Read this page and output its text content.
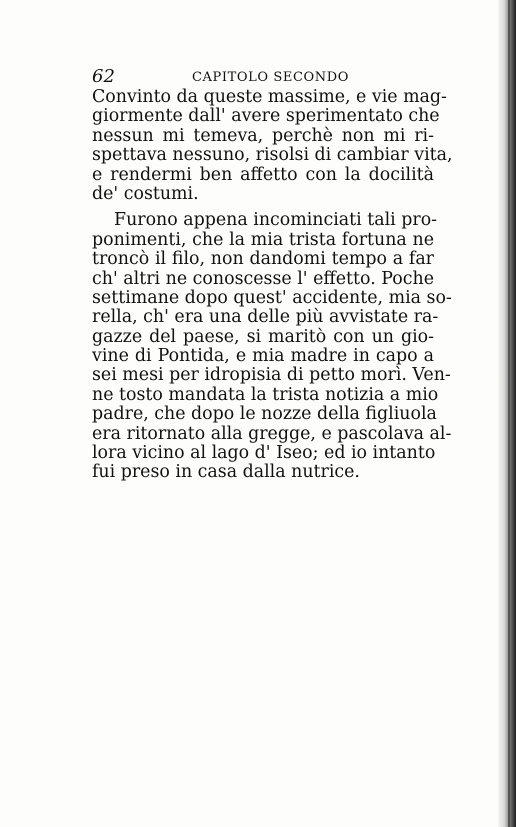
62	CAPITOLO SECONDO

Convinto da queste massime, e vie mag-
giormente dall' avere sperimentato che
nessun mi temeva, perchè non mi ri-
spettava nessuno, risolsi di cambiar vita,
e rendermi ben affetto con la docilità
de' costumi.

Furono appena incominciati tali pro-
ponimenti, che la mia trista fortuna ne
troncò il filo, non dandomi tempo a far
ch' altri ne conoscesse l' effetto. Poche
settimane dopo quest' accidente, mia so-
rella, ch' era una delle più avvistate ra-
gazze del paese, si maritò con un gio-
vine di Pontida, e mia madre in capo a
sei mesi per idropisia di petto morì. Ven-
ne tosto mandata la trista notizia a mio
padre, che dopo le nozze della figliuola
era ritornato alla gregge, e pascolava al-
lora vicino al lago d' Iseo; ed io intanto
fui preso in casa dalla nutrice.
